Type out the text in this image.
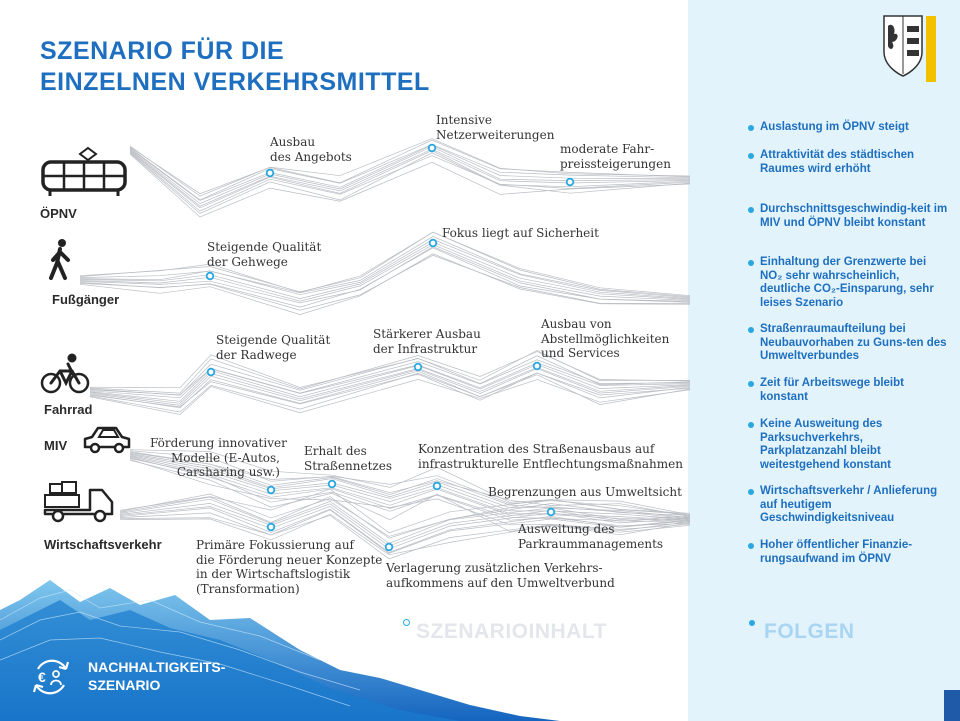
SZENARIO FÜR DIE
EINZELNEN VERKEHRSMITTEL
Auslastung im ÖPNV steigt
Attraktivität des städtischen Raumes wird erhöht
Durchschnittsgeschwindig-keit im MIV und ÖPNV bleibt konstant
Einhaltung der Grenzwerte bei NO₂ sehr wahrscheinlich, deutliche CO₂-Einsparung, sehr leises Szenario
Straßenraumaufteilung bei Neubauvorhaben zu Guns-ten des Umweltverbundes
Zeit für Arbeitswege bleibt konstant
Keine Ausweitung des Parksuchverkehrs, Parkplatzanzahl bleibt weitestgehend konstant
Wirtschaftsverkehr / Anlieferung auf heutigem Geschwindigkeitsniveau
Hoher öffentlicher Finanzie-rungsaufwand im ÖPNV
ÖPNV
Fußgänger
Fahrrad
MIV
Wirtschaftsverkehr
Ausbau
des Angebots
Intensive
Netzerweiterungen
moderate Fahr-
preissteigerungen
Steigende Qualität
der Gehwege
Fokus liegt auf Sicherheit
Steigende Qualität
der Radwege
Stärkerer Ausbau
der Infrastruktur
Ausbau von
Abstellmöglichkeiten
und Services
Förderung innovativer
Modelle (E-Autos,
Carsharing usw.)
Erhalt des
Straßennetzes
Konzentration des Straßenausbaus auf
infrastrukturelle Entflechtungsmaßnahmen
Begrenzungen aus Umweltsicht
Primäre Fokussierung auf
die Förderung neuer Konzepte
in der Wirtschaftslogistik
(Transformation)
Verlagerung zusätzlichen Verkehrs-
aufkommens auf den Umweltverbund
Ausweitung des
Parkraummanagements
SZENARIOINHALT	FOLGEN
€
NACHHALTIGKEITS-
SZENARIO
